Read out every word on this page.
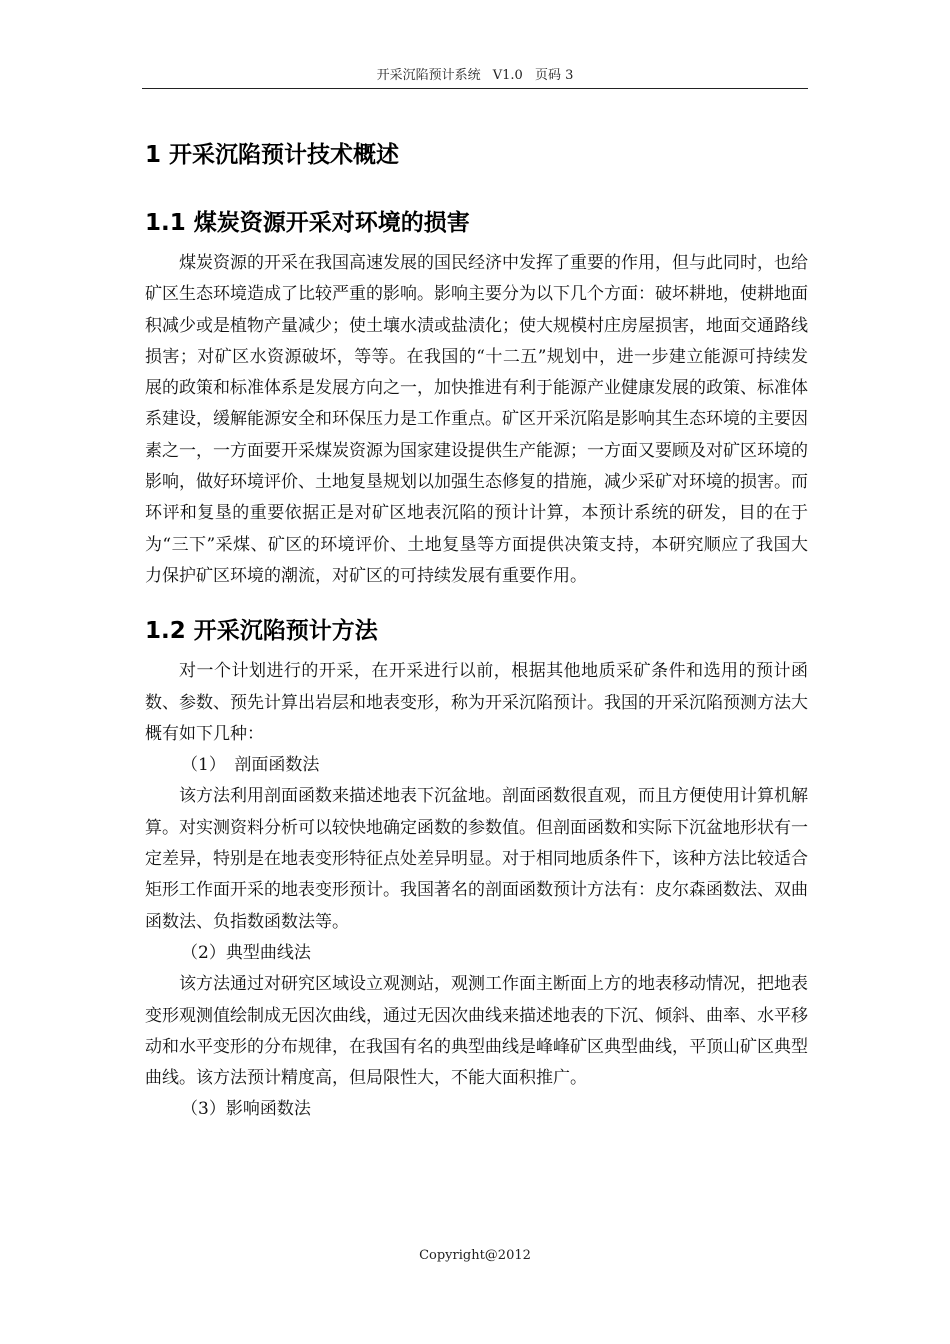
开采沉陷预计系统 V1.0 页码 3
1 开采沉陷预计技术概述
1.1 煤炭资源开采对环境的损害

煤炭资源的开采在我国高速发展的国民经济中发挥了重要的作用，但与此同时，也给矿区生态环境造成了比较严重的影响。影响主要分为以下几个方面：破坏耕地，使耕地面积减少或是植物产量减少；使土壤水渍或盐渍化；使大规模村庄房屋损害，地面交通路线损害；对矿区水资源破坏，等等。在我国的“十二五”规划中，进一步建立能源可持续发展的政策和标准体系是发展方向之一，加快推进有利于能源产业健康发展的政策、标准体系建设，缓解能源安全和环保压力是工作重点。矿区开采沉陷是影响其生态环境的主要因素之一，一方面要开采煤炭资源为国家建设提供生产能源；一方面又要顾及对矿区环境的影响，做好环境评价、土地复垦规划以加强生态修复的措施，减少采矿对环境的损害。而环评和复垦的重要依据正是对矿区地表沉陷的预计计算，本预计系统的研发，目的在于为“三下”采煤、矿区的环境评价、土地复垦等方面提供决策支持，本研究顺应了我国大力保护矿区环境的潮流，对矿区的可持续发展有重要作用。

1.2 开采沉陷预计方法

对一个计划进行的开采，在开采进行以前，根据其他地质采矿条件和选用的预计函数、参数、预先计算出岩层和地表变形，称为开采沉陷预计。我国的开采沉陷预测方法大概有如下几种：

（1）　剖面函数法

该方法利用剖面函数来描述地表下沉盆地。剖面函数很直观，而且方便使用计算机解算。对实测资料分析可以较快地确定函数的参数值。但剖面函数和实际下沉盆地形状有一定差异，特别是在地表变形特征点处差异明显。对于相同地质条件下，该种方法比较适合矩形工作面开采的地表变形预计。我国著名的剖面函数预计方法有：皮尔森函数法、双曲函数法、负指数函数法等。

（2）典型曲线法

该方法通过对研究区域设立观测站，观测工作面主断面上方的地表移动情况，把地表变形观测值绘制成无因次曲线，通过无因次曲线来描述地表的下沉、倾斜、曲率、水平移动和水平变形的分布规律，在我国有名的典型曲线是峰峰矿区典型曲线，平顶山矿区典型曲线。该方法预计精度高，但局限性大，不能大面积推广。

（3）影响函数法
Copyright@2012
